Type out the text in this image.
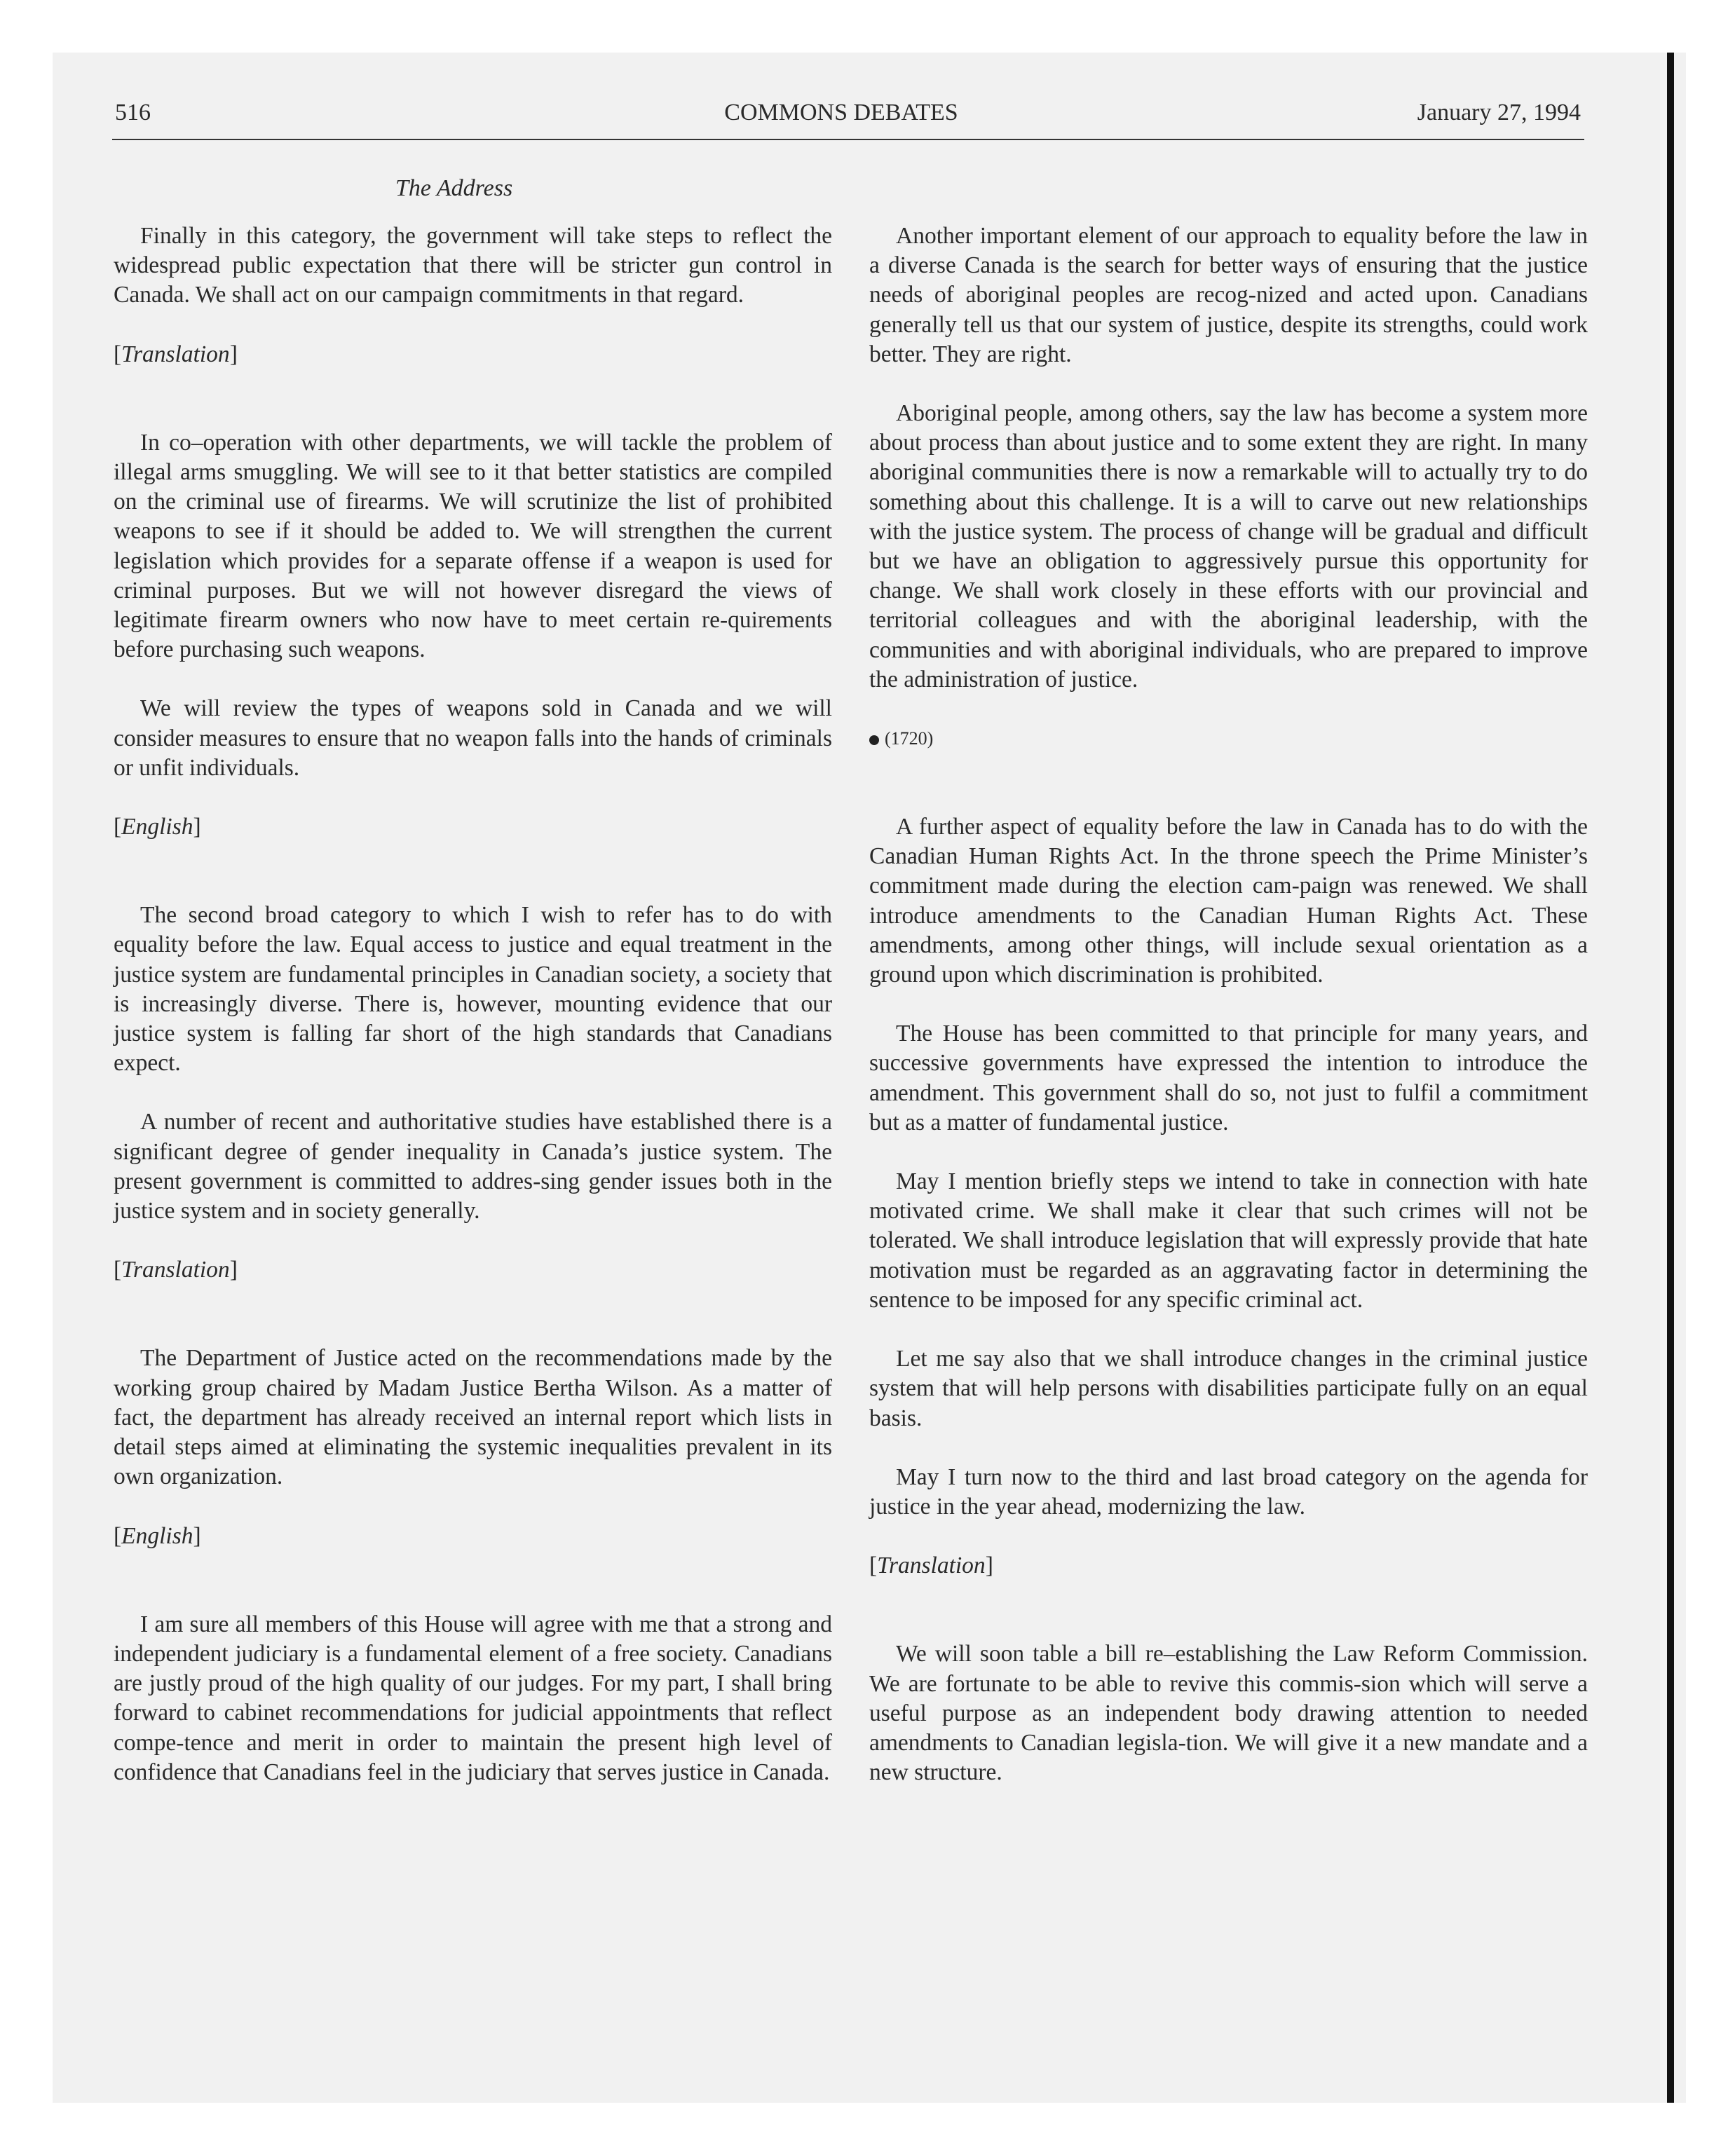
516	COMMONS DEBATES	January 27, 1994
The Address

Finally in this category, the government will take steps to reflect the widespread public expectation that there will be stricter gun control in Canada. We shall act on our campaign commitments in that regard.

[Translation]

In co–operation with other departments, we will tackle the problem of illegal arms smuggling. We will see to it that better statistics are compiled on the criminal use of firearms. We will scrutinize the list of prohibited weapons to see if it should be added to. We will strengthen the current legislation which provides for a separate offense if a weapon is used for criminal purposes. But we will not however disregard the views of legitimate firearm owners who now have to meet certain re-quirements before purchasing such weapons.

We will review the types of weapons sold in Canada and we will consider measures to ensure that no weapon falls into the hands of criminals or unfit individuals.

[English]

The second broad category to which I wish to refer has to do with equality before the law. Equal access to justice and equal treatment in the justice system are fundamental principles in Canadian society, a society that is increasingly diverse. There is, however, mounting evidence that our justice system is falling far short of the high standards that Canadians expect.

A number of recent and authoritative studies have established there is a significant degree of gender inequality in Canada’s justice system. The present government is committed to addres-sing gender issues both in the justice system and in society generally.

[Translation]

The Department of Justice acted on the recommendations made by the working group chaired by Madam Justice Bertha Wilson. As a matter of fact, the department has already received an internal report which lists in detail steps aimed at eliminating the systemic inequalities prevalent in its own organization.

[English]

I am sure all members of this House will agree with me that a strong and independent judiciary is a fundamental element of a free society. Canadians are justly proud of the high quality of our judges. For my part, I shall bring forward to cabinet recommendations for judicial appointments that reflect compe-tence and merit in order to maintain the present high level of confidence that Canadians feel in the judiciary that serves justice in Canada.

Another important element of our approach to equality before the law in a diverse Canada is the search for better ways of ensuring that the justice needs of aboriginal peoples are recog-nized and acted upon. Canadians generally tell us that our system of justice, despite its strengths, could work better. They are right.

Aboriginal people, among others, say the law has become a system more about process than about justice and to some extent they are right. In many aboriginal communities there is now a remarkable will to actually try to do something about this challenge. It is a will to carve out new relationships with the justice system. The process of change will be gradual and difficult but we have an obligation to aggressively pursue this opportunity for change. We shall work closely in these efforts with our provincial and territorial colleagues and with the aboriginal leadership, with the communities and with aboriginal individuals, who are prepared to improve the administration of justice.

(1720)

A further aspect of equality before the law in Canada has to do with the Canadian Human Rights Act. In the throne speech the Prime Minister’s commitment made during the election cam-paign was renewed. We shall introduce amendments to the Canadian Human Rights Act. These amendments, among other things, will include sexual orientation as a ground upon which discrimination is prohibited.

The House has been committed to that principle for many years, and successive governments have expressed the intention to introduce the amendment. This government shall do so, not just to fulfil a commitment but as a matter of fundamental justice.

May I mention briefly steps we intend to take in connection with hate motivated crime. We shall make it clear that such crimes will not be tolerated. We shall introduce legislation that will expressly provide that hate motivation must be regarded as an aggravating factor in determining the sentence to be imposed for any specific criminal act.

Let me say also that we shall introduce changes in the criminal justice system that will help persons with disabilities participate fully on an equal basis.

May I turn now to the third and last broad category on the agenda for justice in the year ahead, modernizing the law.

[Translation]

We will soon table a bill re–establishing the Law Reform Commission. We are fortunate to be able to revive this commis-sion which will serve a useful purpose as an independent body drawing attention to needed amendments to Canadian legisla-tion. We will give it a new mandate and a new structure.
